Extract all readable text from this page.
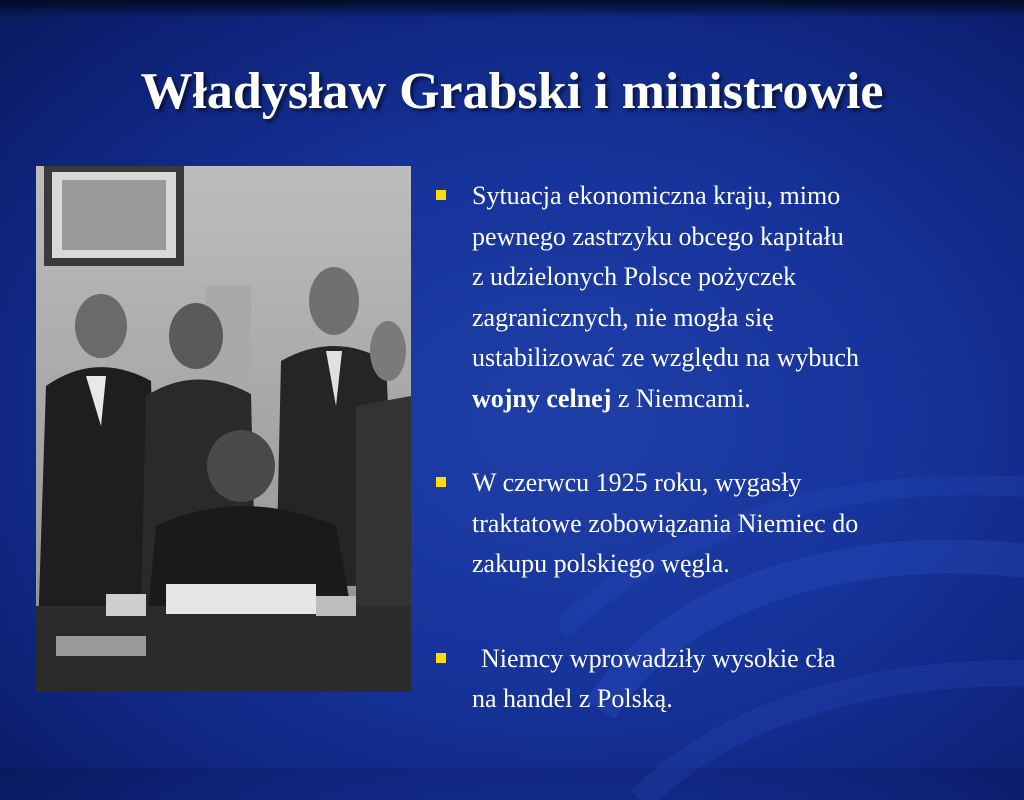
Władysław Grabski i ministrowie
Sytuacja ekonomiczna kraju, mimo
pewnego zastrzyku obcego kapitału
z udzielonych Polsce pożyczek
zagranicznych, nie mogła się
ustabilizować ze względu na wybuch
wojny celnej z Niemcami.
W czerwcu 1925 roku, wygasły
traktatowe zobowiązania Niemiec do
zakupu polskiego węgla.
Niemcy wprowadziły wysokie cła
na handel z Polską.
